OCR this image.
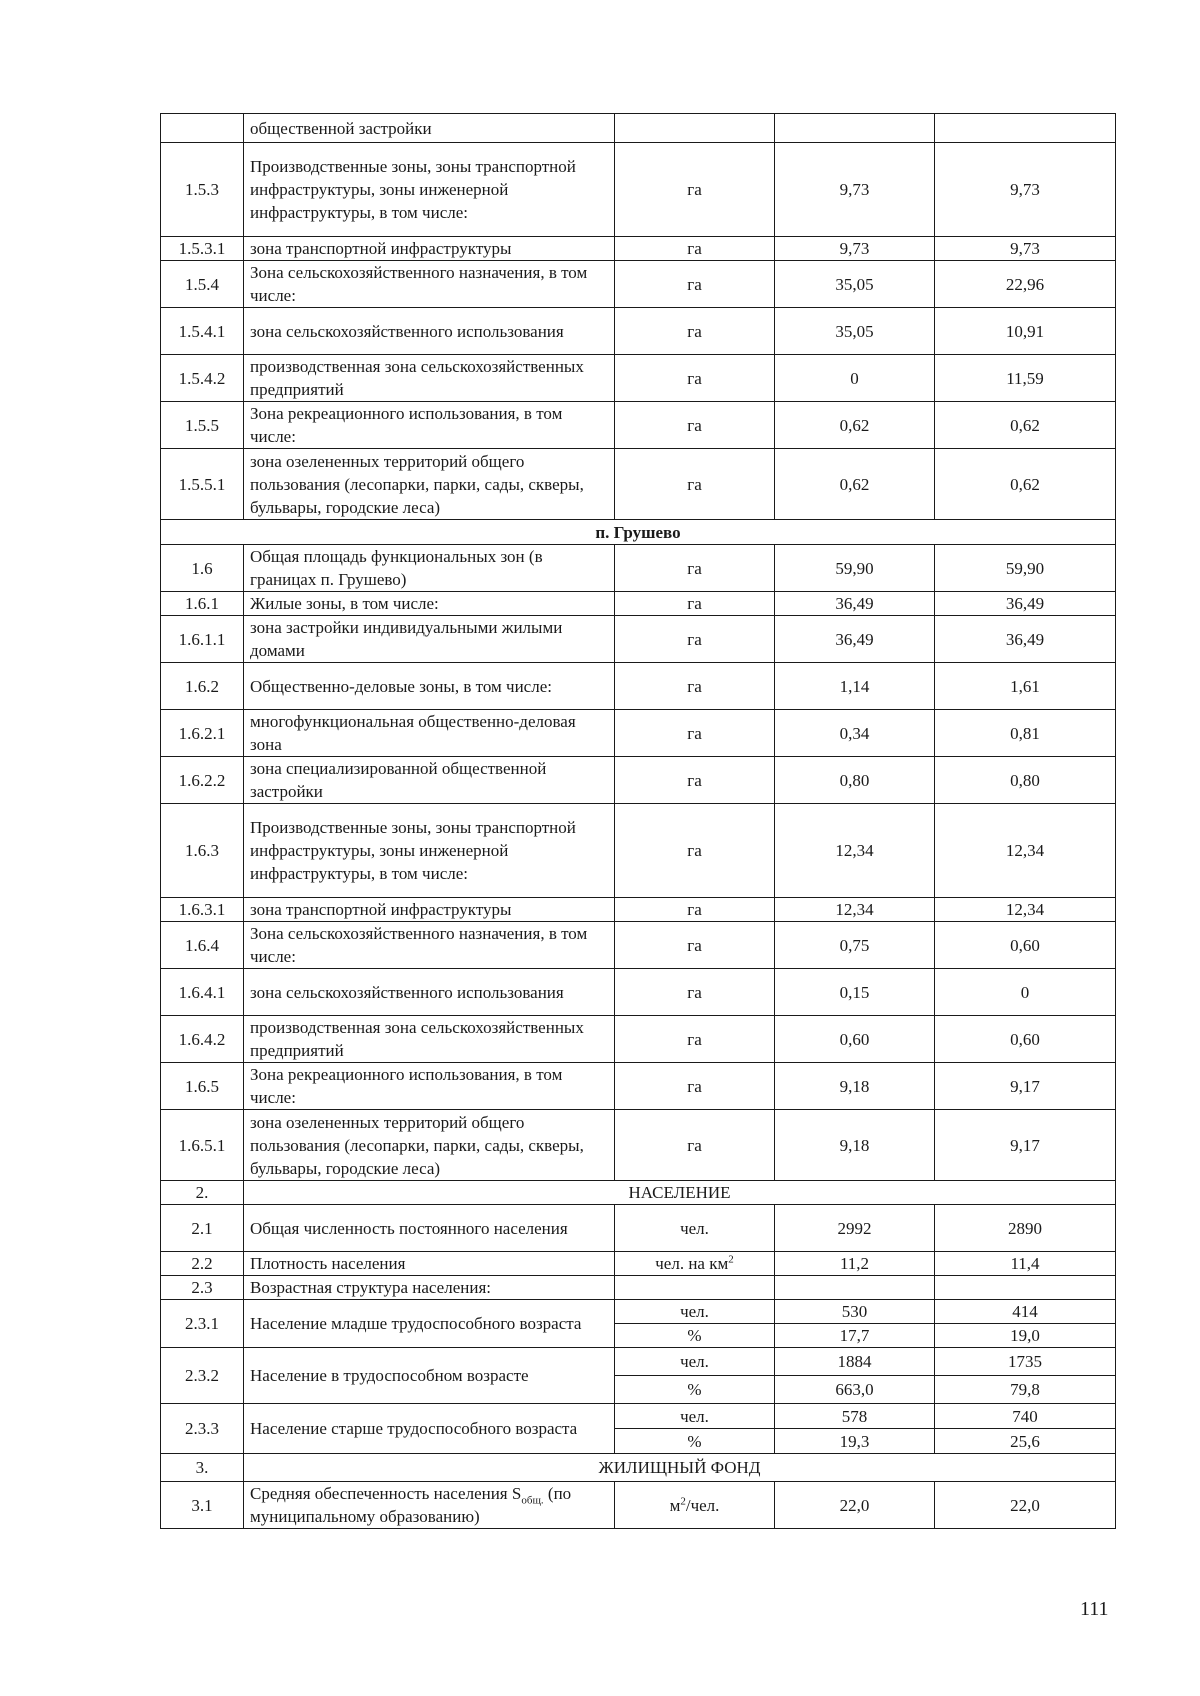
	общественной застройки			
1.5.3	Производственные зоны, зоны транспортной инфраструктуры, зоны инженерной инфраструктуры, в том числе:	га	9,73	9,73
1.5.3.1	зона транспортной инфраструктуры	га	9,73	9,73
1.5.4	Зона сельскохозяйственного назначения, в том числе:	га	35,05	22,96
1.5.4.1	зона сельскохозяйственного использования	га	35,05	10,91
1.5.4.2	производственная зона сельскохозяйственных предприятий	га	0	11,59
1.5.5	Зона рекреационного использования, в том числе:	га	0,62	0,62
1.5.5.1	зона озелененных территорий общего пользования (лесопарки, парки, сады, скверы, бульвары, городские леса)	га	0,62	0,62
п. Грушево				
1.6	Общая площадь функциональных зон (в границах п. Грушево)	га	59,90	59,90
1.6.1	Жилые зоны, в том числе:	га	36,49	36,49
1.6.1.1	зона застройки индивидуальными жилыми домами	га	36,49	36,49
1.6.2	Общественно-деловые зоны, в том числе:	га	1,14	1,61
1.6.2.1	многофункциональная общественно-деловая зона	га	0,34	0,81
1.6.2.2	зона специализированной общественной застройки	га	0,80	0,80
1.6.3	Производственные зоны, зоны транспортной инфраструктуры, зоны инженерной инфраструктуры, в том числе:	га	12,34	12,34
1.6.3.1	зона транспортной инфраструктуры	га	12,34	12,34
1.6.4	Зона сельскохозяйственного назначения, в том числе:	га	0,75	0,60
1.6.4.1	зона сельскохозяйственного использования	га	0,15	0
1.6.4.2	производственная зона сельскохозяйственных предприятий	га	0,60	0,60
1.6.5	Зона рекреационного использования, в том числе:	га	9,18	9,17
1.6.5.1	зона озелененных территорий общего пользования (лесопарки, парки, сады, скверы, бульвары, городские леса)	га	9,18	9,17
2.	НАСЕЛЕНИЕ			
2.1	Общая численность постоянного населения	чел.	2992	2890
2.2	Плотность населения	чел. на $км^2$	11,2	11,4
2.3	Возрастная структура населения:			
2.3.1	Население младше трудоспособного возраста	чел.	530	414
		%	17,7	19,0
2.3.2	Население в трудоспособном возрасте	чел.	1884	1735
		%	663,0	79,8
2.3.3	Население старше трудоспособного возраста	чел.	578	740
		%	19,3	25,6
3.	ЖИЛИЩНЫЙ ФОНД			
3.1	Средняя обеспеченность населения $S_{общ.}$ (по муниципальному образованию)	$м^2$/чел.	22,0	22,0
111
